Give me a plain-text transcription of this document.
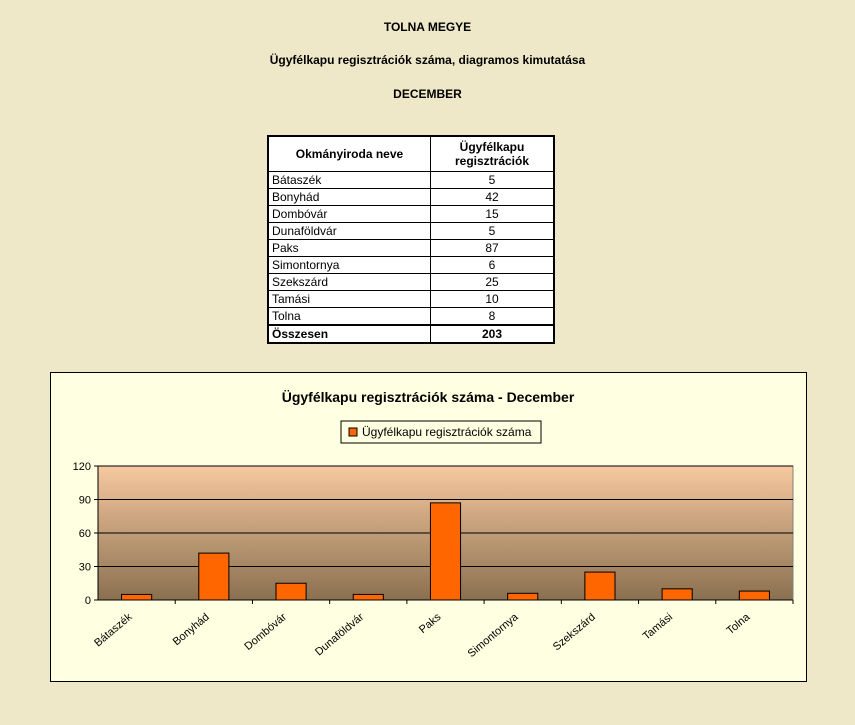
TOLNA MEGYE
Ügyfélkapu regisztrációk száma, diagramos kimutatása
DECEMBER
Okmányiroda neve	Ügyfélkapu
regisztrációk
Bátaszék	5
Bonyhád	42
Dombóvár	15
Dunaföldvár	5
Paks	87
Simontornya	6
Szekszárd	25
Tamási	10
Tolna	8
Összesen	203
Ügyfélkapu regisztrációk száma - December
Ügyfélkapu regisztrációk száma
0
30
60
90
120
Bátaszék	Bonyhád	Dombóvár Dunaföldvár	Paks Simontornya	Szekszárd	Tamási	Tolna
